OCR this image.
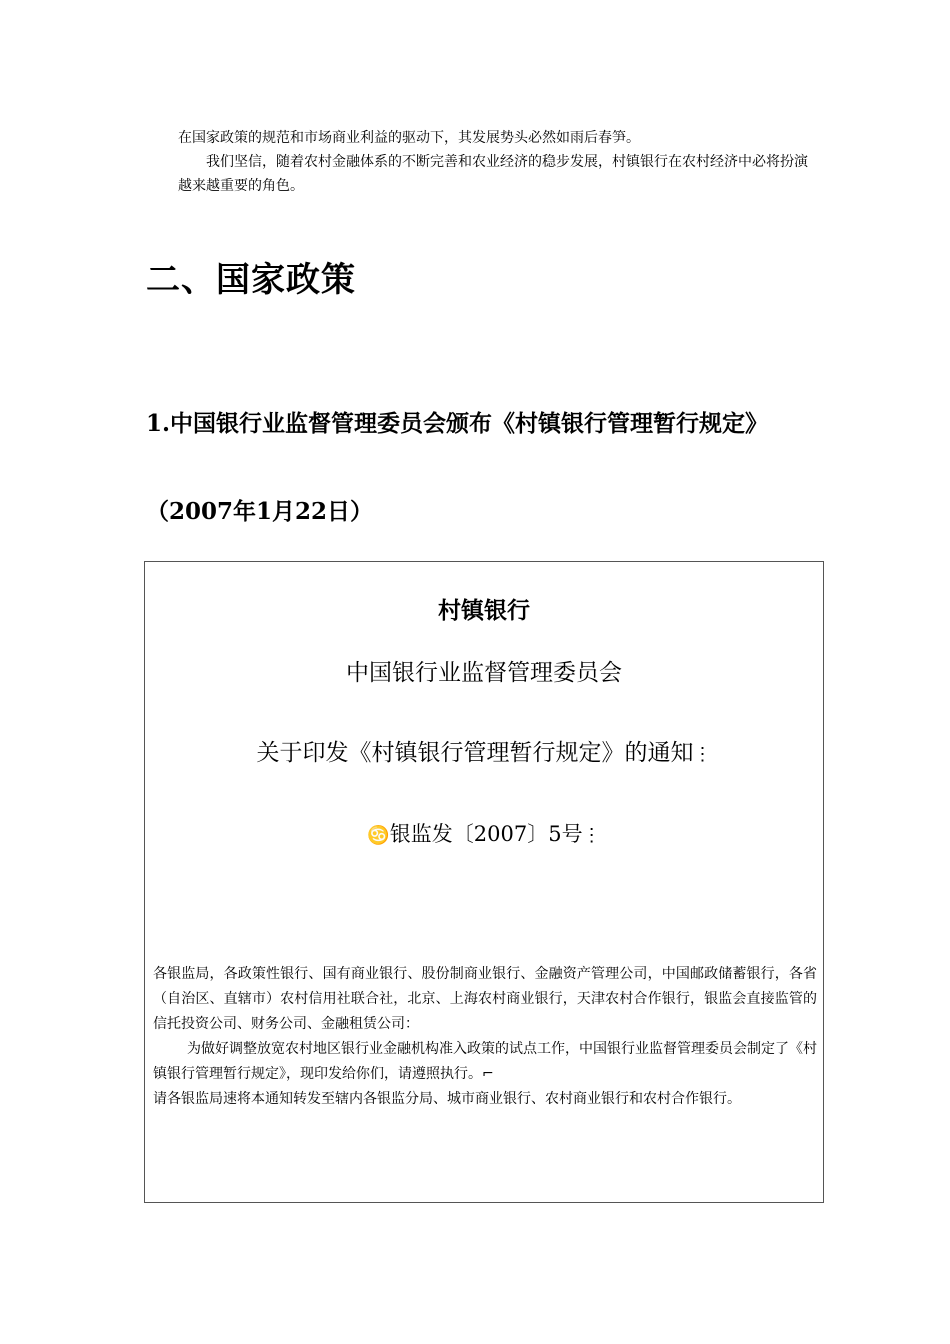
在国家政策的规范和市场商业利益的驱动下，其发展势头必然如雨后春笋。

我们坚信，随着农村金融体系的不断完善和农业经济的稳步发展，村镇银行在农村经济中必将扮演越来越重要的角色。

二、国家政策
1.中国银行业监督管理委员会颁布《村镇银行管理暂行规定》（2007年1月22日）
村镇银行
中国银行业监督管理委员会
关于印发《村镇银行管理暂行规定》的通知⋮
♋银监发〔2007〕5号⋮

各银监局，各政策性银行、国有商业银行、股份制商业银行、金融资产管理公司，中国邮政储蓄银行，各省（自治区、直辖市）农村信用社联合社，北京、上海农村商业银行，天津农村合作银行，银监会直接监管的信托投资公司、财务公司、金融租赁公司：

为做好调整放宽农村地区银行业金融机构准入政策的试点工作，中国银行业监督管理委员会制定了《村镇银行管理暂行规定》，现印发给你们，请遵照执行。⌐

请各银监局速将本通知转发至辖内各银监分局、城市商业银行、农村商业银行和农村合作银行。
